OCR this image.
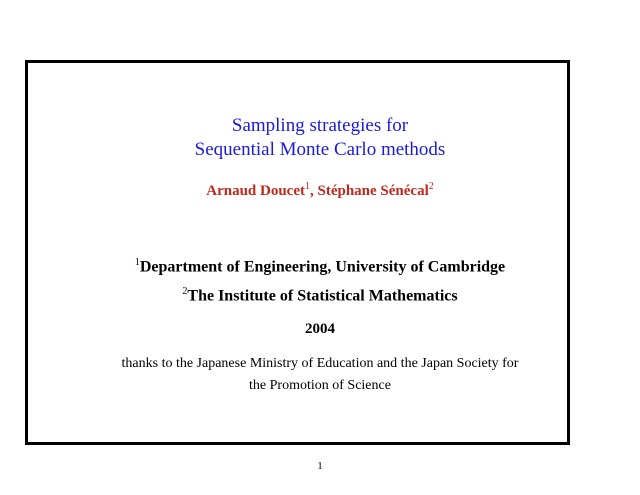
Sampling strategies for
Sequential Monte Carlo methods
Arnaud Doucet$^1$, Stéphane Sénécal$^2$
$^1$Department of Engineering, University of Cambridge
$^2$The Institute of Statistical Mathematics
2004
thanks to the Japanese Ministry of Education and the Japan Society for
the Promotion of Science
1
